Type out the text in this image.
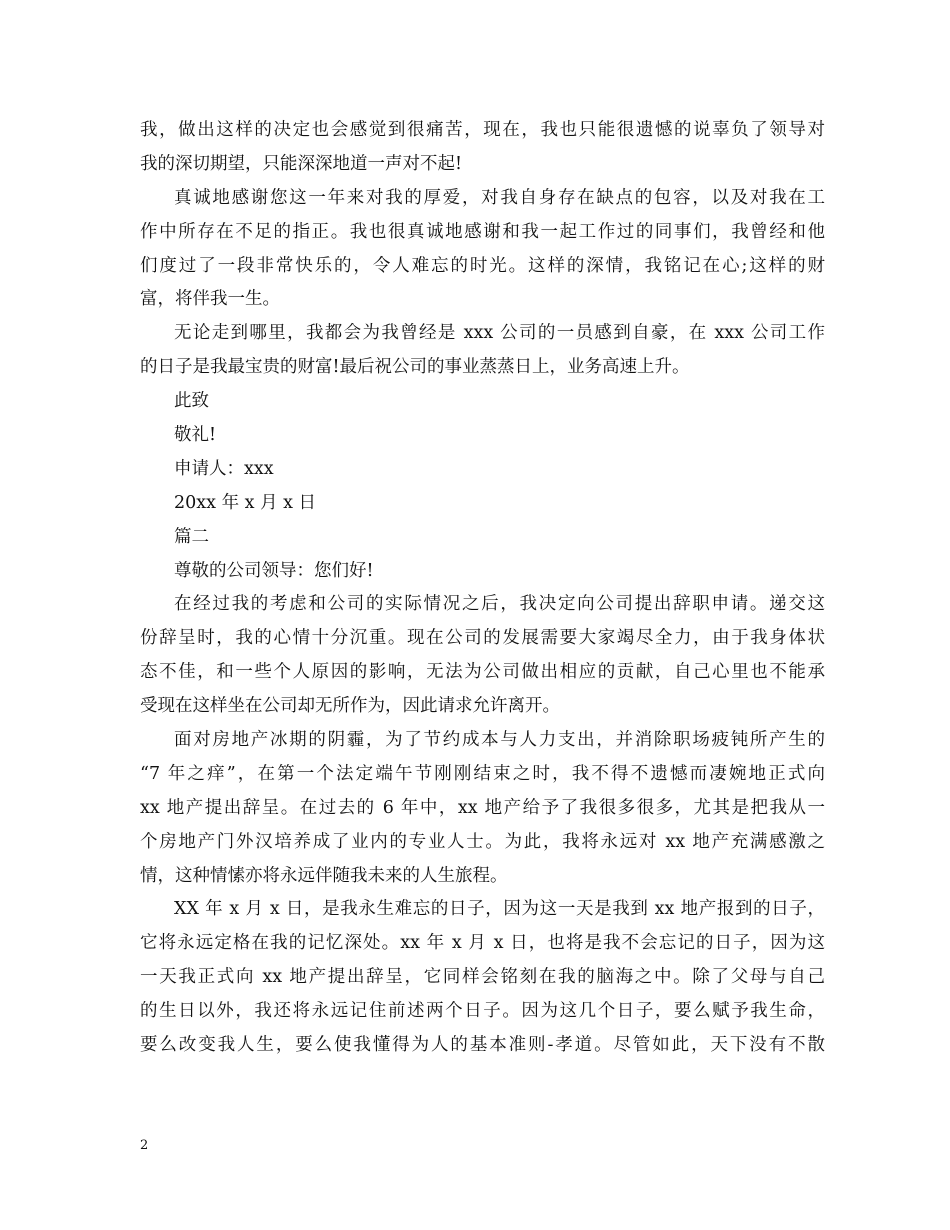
我，做出这样的决定也会感觉到很痛苦，现在，我也只能很遗憾的说辜负了领导对
我的深切期望，只能深深地道一声对不起!
真诚地感谢您这一年来对我的厚爱，对我自身存在缺点的包容，以及对我在工
作中所存在不足的指正。我也很真诚地感谢和我一起工作过的同事们，我曾经和他
们度过了一段非常快乐的，令人难忘的时光。这样的深情，我铭记在心;这样的财
富，将伴我一生。
无论走到哪里，我都会为我曾经是 xxx 公司的一员感到自豪，在 xxx 公司工作
的日子是我最宝贵的财富!最后祝公司的事业蒸蒸日上，业务高速上升。
此致
敬礼!
申请人：xxx
20xx 年 x 月 x 日
篇二
尊敬的公司领导：您们好!
在经过我的考虑和公司的实际情况之后，我决定向公司提出辞职申请。递交这
份辞呈时，我的心情十分沉重。现在公司的发展需要大家竭尽全力，由于我身体状
态不佳，和一些个人原因的影响，无法为公司做出相应的贡献，自己心里也不能承
受现在这样坐在公司却无所作为，因此请求允许离开。
面对房地产冰期的阴霾，为了节约成本与人力支出，并消除职场疲钝所产生的
“7 年之痒”，在第一个法定端午节刚刚结束之时，我不得不遗憾而凄婉地正式向
xx 地产提出辞呈。在过去的 6 年中，xx 地产给予了我很多很多，尤其是把我从一
个房地产门外汉培养成了业内的专业人士。为此，我将永远对 xx 地产充满感激之
情，这种情愫亦将永远伴随我未来的人生旅程。
XX 年 x 月 x 日，是我永生难忘的日子，因为这一天是我到 xx 地产报到的日子，
它将永远定格在我的记忆深处。xx 年 x 月 x 日，也将是我不会忘记的日子，因为这
一天我正式向 xx 地产提出辞呈，它同样会铭刻在我的脑海之中。除了父母与自己
的生日以外，我还将永远记住前述两个日子。因为这几个日子，要么赋予我生命，
要么改变我人生，要么使我懂得为人的基本准则-孝道。尽管如此，天下没有不散
2
